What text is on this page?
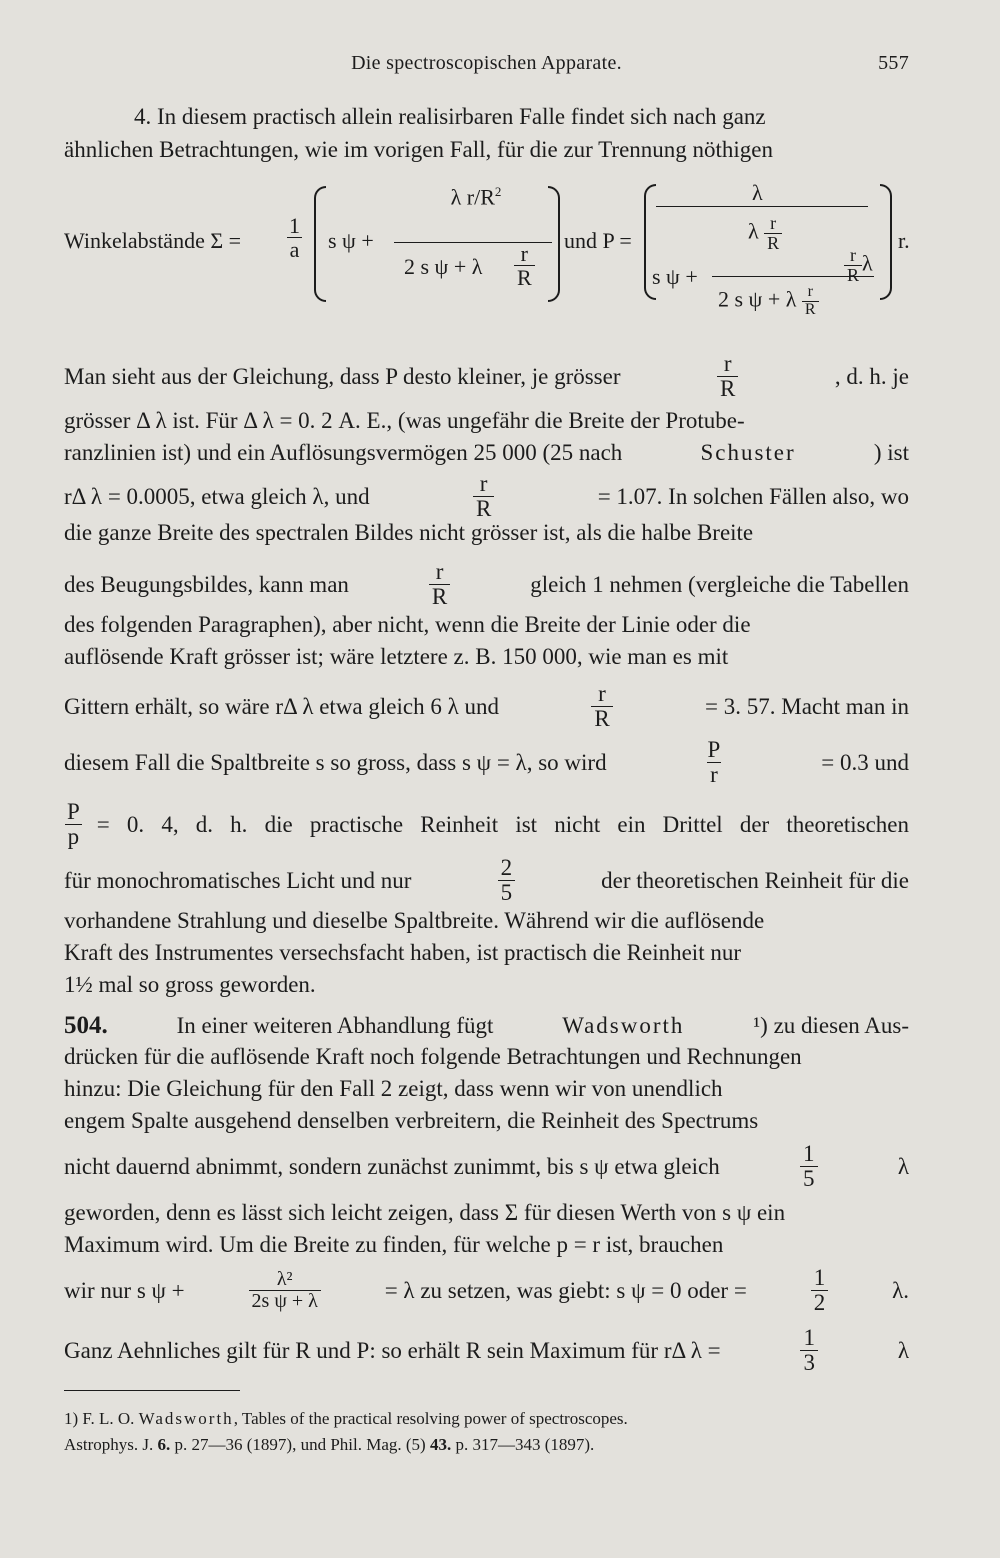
Die spectroscopischen Apparate.	557
4. In diesem practisch allein realisirbaren Falle findet sich nach ganz
ähnlichen Betrachtungen, wie im vorigen Fall, für die zur Trennung nöthigen
Winkelabstände $\Sigma = \frac{1}{a}$ s ψ +
λ $r/R^2$
2 s ψ + λ $\frac{r}{R}$
und P =
λ
λ $\frac{r}{R}$
s ψ +	$\frac{r}{R}$ λ
2 s ψ + λ $\frac{r}{R}$
r.
Man sieht aus der Gleichung, dass P desto kleiner, je grösser	$\frac{r}{R}$	, d. h. je
grösser Δ λ ist. Für Δ λ = 0. 2 A. E., (was ungefähr die Breite der Protube-
ranzlinien ist) und ein Auflösungsvermögen 25 000 (25 nach	Schuster	) ist
rΔ λ = 0.0005, etwa gleich λ, und	$\frac{r}{R}$	= 1.07. In solchen Fällen also, wo
die ganze Breite des spectralen Bildes nicht grösser ist, als die halbe Breite
des Beugungsbildes, kann man	$\frac{r}{R}$	gleich 1 nehmen (vergleiche die Tabellen
des folgenden Paragraphen), aber nicht, wenn die Breite der Linie oder die
auflösende Kraft grösser ist; wäre letztere z. B. 150 000, wie man es mit
Gittern erhält, so wäre rΔ λ etwa gleich 6 λ und	$\frac{r}{R}$	= 3. 57. Macht man in
diesem Fall die Spaltbreite s so gross, dass s ψ = λ, so wird	$\frac{P}{r}$	= 0.3 und
$\frac{P}{p} = 0$. 4, d. h. die practische Reinheit ist nicht ein Drittel der theoretischen
für monochromatisches Licht und nur	$\frac{2}{5}$	der theoretischen Reinheit für die
vorhandene Strahlung und dieselbe Spaltbreite. Während wir die auflösende
Kraft des Instrumentes versechsfacht haben, ist practisch die Reinheit nur
1½ mal so gross geworden.
504.	In einer weiteren Abhandlung fügt	Wadsworth	¹) zu diesen Aus-
drücken für die auflösende Kraft noch folgende Betrachtungen und Rechnungen
hinzu: Die Gleichung für den Fall 2 zeigt, dass wenn wir von unendlich
engem Spalte ausgehend denselben verbreitern, die Reinheit des Spectrums
nicht dauernd abnimmt, sondern zunächst zunimmt, bis s ψ etwa gleich	$\frac{1}{5}$	λ
geworden, denn es lässt sich leicht zeigen, dass Σ für diesen Werth von s ψ ein
Maximum wird. Um die Breite zu finden, für welche p = r ist, brauchen
wir nur s ψ +	$\frac{\text{λ²}}{\text{2s ψ + λ}}$	= λ zu setzen, was giebt: s ψ = 0 oder =	$\frac{1}{2}$	λ.
Ganz Aehnliches gilt für R und P: so erhält R sein Maximum für rΔ λ =	$\frac{1}{3}$	λ
1) F. L. O. Wadsworth, Tables of the practical resolving power of spectroscopes.
Astrophys. J. 6. p. 27—36 (1897), und Phil. Mag. (5) 43. p. 317—343 (1897).
